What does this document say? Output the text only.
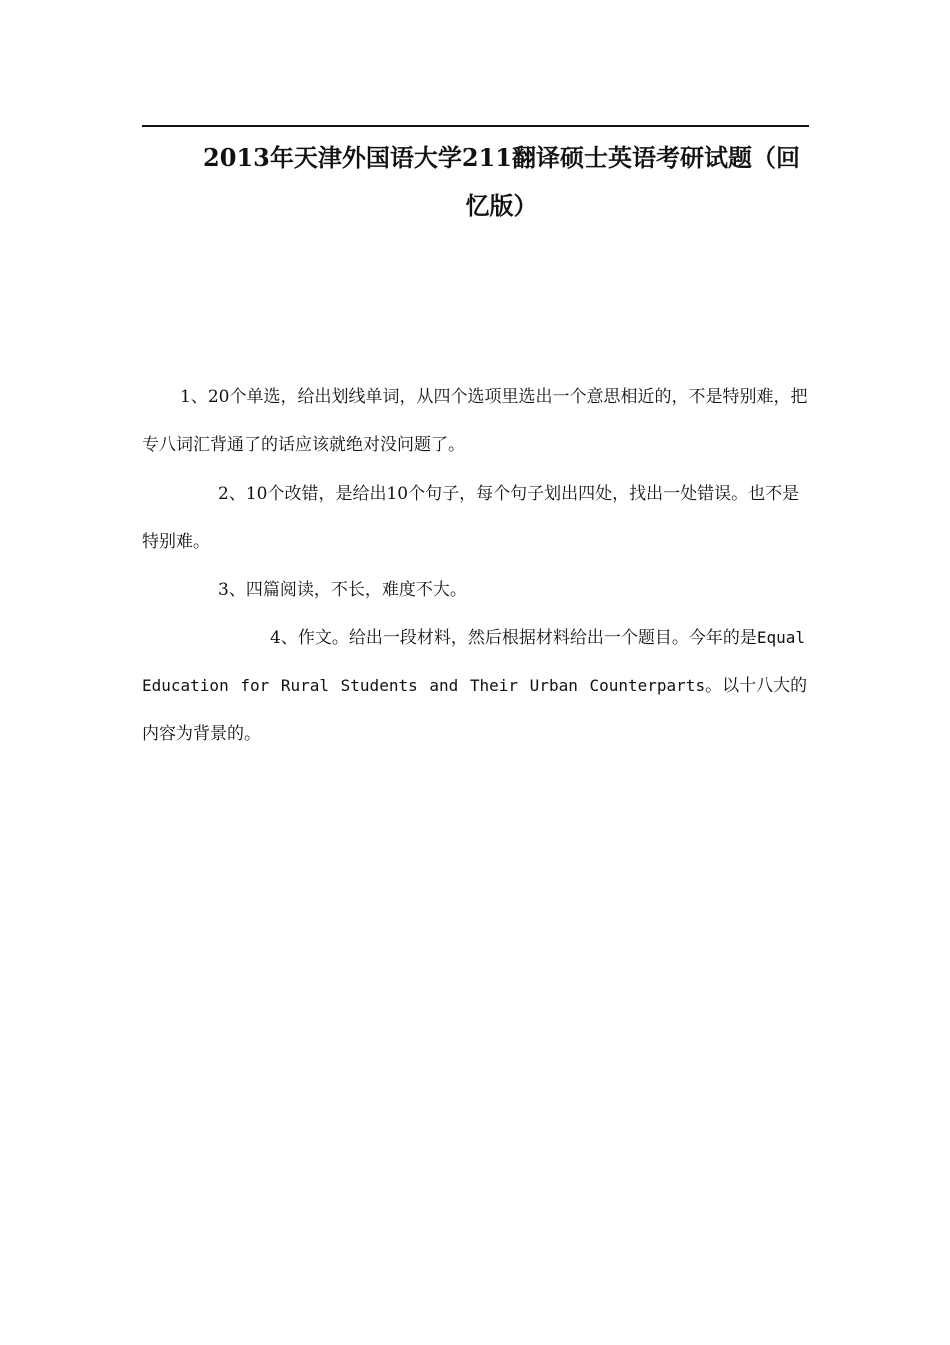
2013年天津外国语大学211翻译硕士英语考研试题（回
忆版）

1、20个单选，给出划线单词，从四个选项里选出一个意思相近的，不是特别难，把专八词汇背通了的话应该就绝对没问题了。

2、10个改错，是给出10个句子，每个句子划出四处，找出一处错误。也不是特别难。

3、四篇阅读，不长，难度不大。

4、作文。给出一段材料，然后根据材料给出一个题目。今年的是Equal Education for Rural Students and Their Urban Counterparts。以十八大的内容为背景的。
